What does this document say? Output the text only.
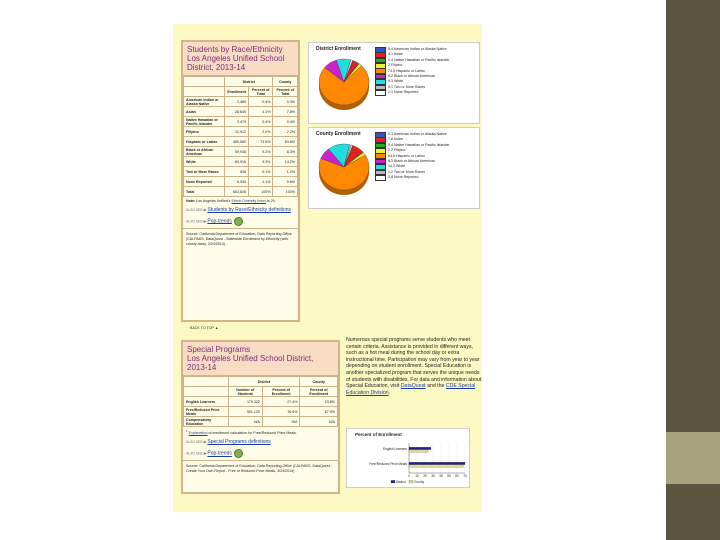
Students by Race/Ethnicity
Los Angeles Unified School District, 2013-14
	District		County
	Enrollment	Percent of Total	Percent of Total
American Indian or Alaska Native	2,489	0.4%	0.3%
Asian	26,649	4.1%	7.8%
Native Hawaiian or Pacific Islander	2,479	0.4%	0.4%
Filipino	12,912	2.0%	2.2%
Hispanic or Latino	480,580	73.5%	64.8%
Black or African American	59,936	9.2%	8.3%
White	60,915	9.3%	14.2%
Two or More Races	936	0.1%	1.2%
None Reported	6,930	1.1%	0.8%
Total	653,826	100%	100%
Note: Los Angeles Unified's Ethnic Diversity Index is 29.
ALSO SEE ▶ Students by Race/Ethnicity definitions
ALSO SEE ▶ Pop-trends
Source: California Department of Education, Data Reporting Office (CALPADS, DataQuest - Statewide Enrollment by Ethnicity (with county data), 3/24/2014)
BACK TO TOP ▲
District Enrollment	0.4 American Indian or Alaska Native
4.1 Asian
0.4 Native Hawaiian or Pacific Islander
2 Filipino
73.5 Hispanic or Latino
9.2 Black or African American
9.3 White
0.1 Two or More Races
1.1 None Reported
County Enrollment	0.3 American Indian or Alaska Native
7.8 Asian
0.4 Native Hawaiian or Pacific Islander
2.2 Filipino
64.8 Hispanic or Latino
8.3 Black or African American
14.2 White
1.2 Two or More Races
0.8 None Reported
Special Programs
Los Angeles Unified School District, 2013-14
	District		County
	Number of Students	Percent of Enrollment	Percent of Enrollment
English Learners	179,322	27.4%	23.8%
Free/Reduced Price Meals	501,120	76.6%	67.9%
Compensatory Education	N/A	N/A	N/A
$^1$ Explanation of enrollment calculation for Free/Reduced Price Meals.
ALSO SEE ▶ Special Programs definitions
ALSO SEE ▶ Pop-trends
Source: California Department of Education, Data Reporting Office (CALPADS, DataQuest - Create Your Own Report - Free or Reduced Price Meals, 3/24/2014)
Numerous special programs serve students who meet certain criteria. Assistance is provided in different ways, such as a hot meal during the school day or extra instructional time. Participation may vary from year to year depending on student enrollment. Special Education is another specialized program that serves the unique needs of students with disabilities. For data and information about Special Education, visit DataQuest and the CDE Special Education Division.
Percent of Enrollment
0 10 20 30 40 50 60 70
English Learners
Free/Reduced Price Meals
District	County
